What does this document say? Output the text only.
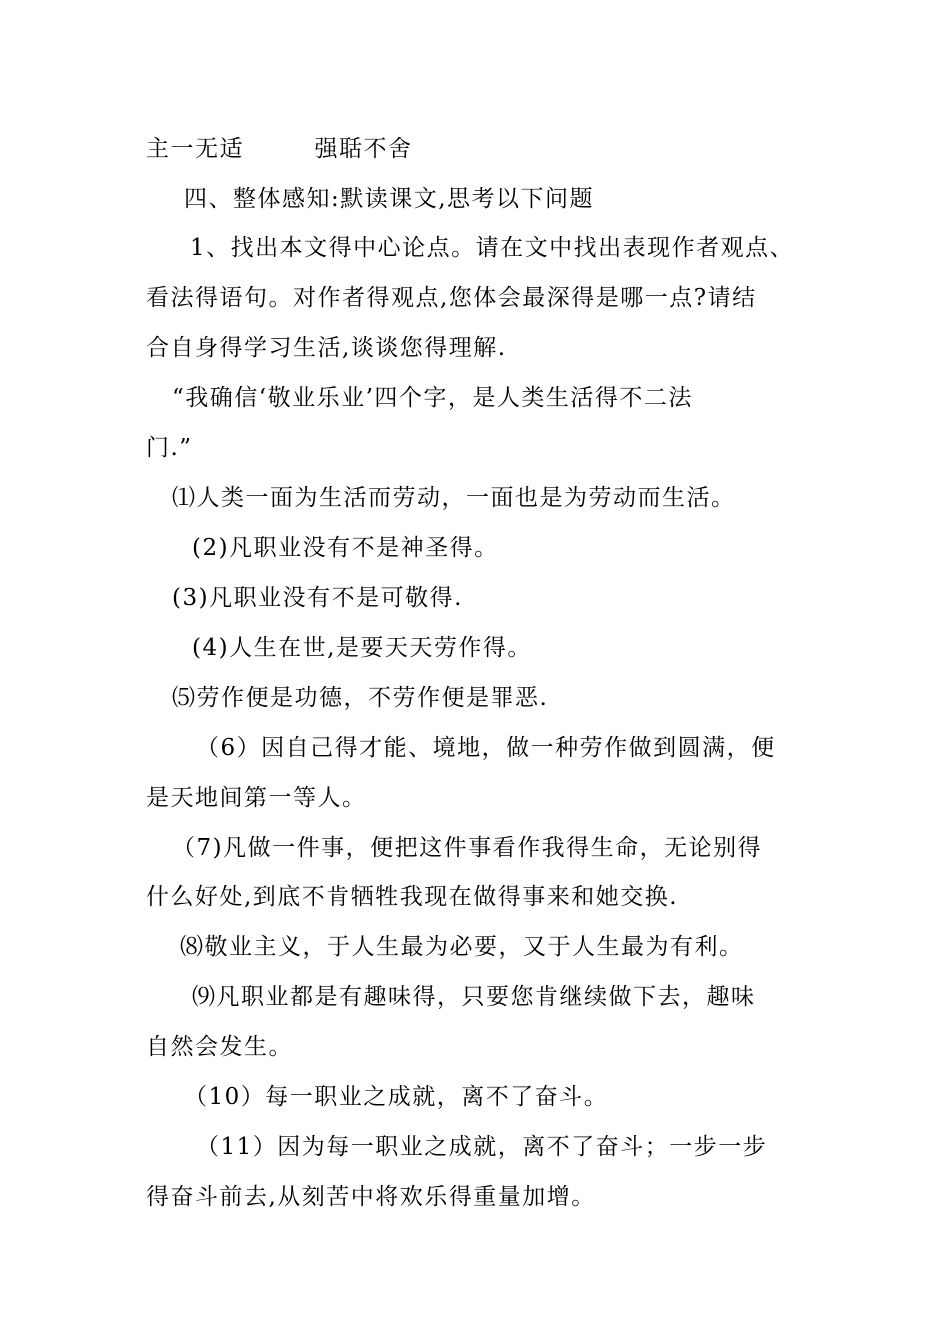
主一无适        强聒不舍
四、整体感知:默读课文,思考以下问题
1、找出本文得中心论点。请在文中找出表现作者观点、
看法得语句。对作者得观点,您体会最深得是哪一点?请结
合自身得学习生活,谈谈您得理解.
“我确信‘敬业乐业’四个字，是人类生活得不二法
门.”
⑴人类一面为生活而劳动，一面也是为劳动而生活。
(2)凡职业没有不是神圣得。
(3)凡职业没有不是可敬得.
(4)人生在世,是要天天劳作得。
⑸劳作便是功德，不劳作便是罪恶.
（6）因自己得才能、境地，做一种劳作做到圆满，便
是天地间第一等人。
（7)凡做一件事，便把这件事看作我得生命，无论别得
什么好处,到底不肯牺牲我现在做得事来和她交换.
⑻敬业主义，于人生最为必要，又于人生最为有利。
⑼凡职业都是有趣味得，只要您肯继续做下去，趣味
自然会发生。
（10）每一职业之成就，离不了奋斗。
（11）因为每一职业之成就，离不了奋斗；一步一步
得奋斗前去,从刻苦中将欢乐得重量加增。
